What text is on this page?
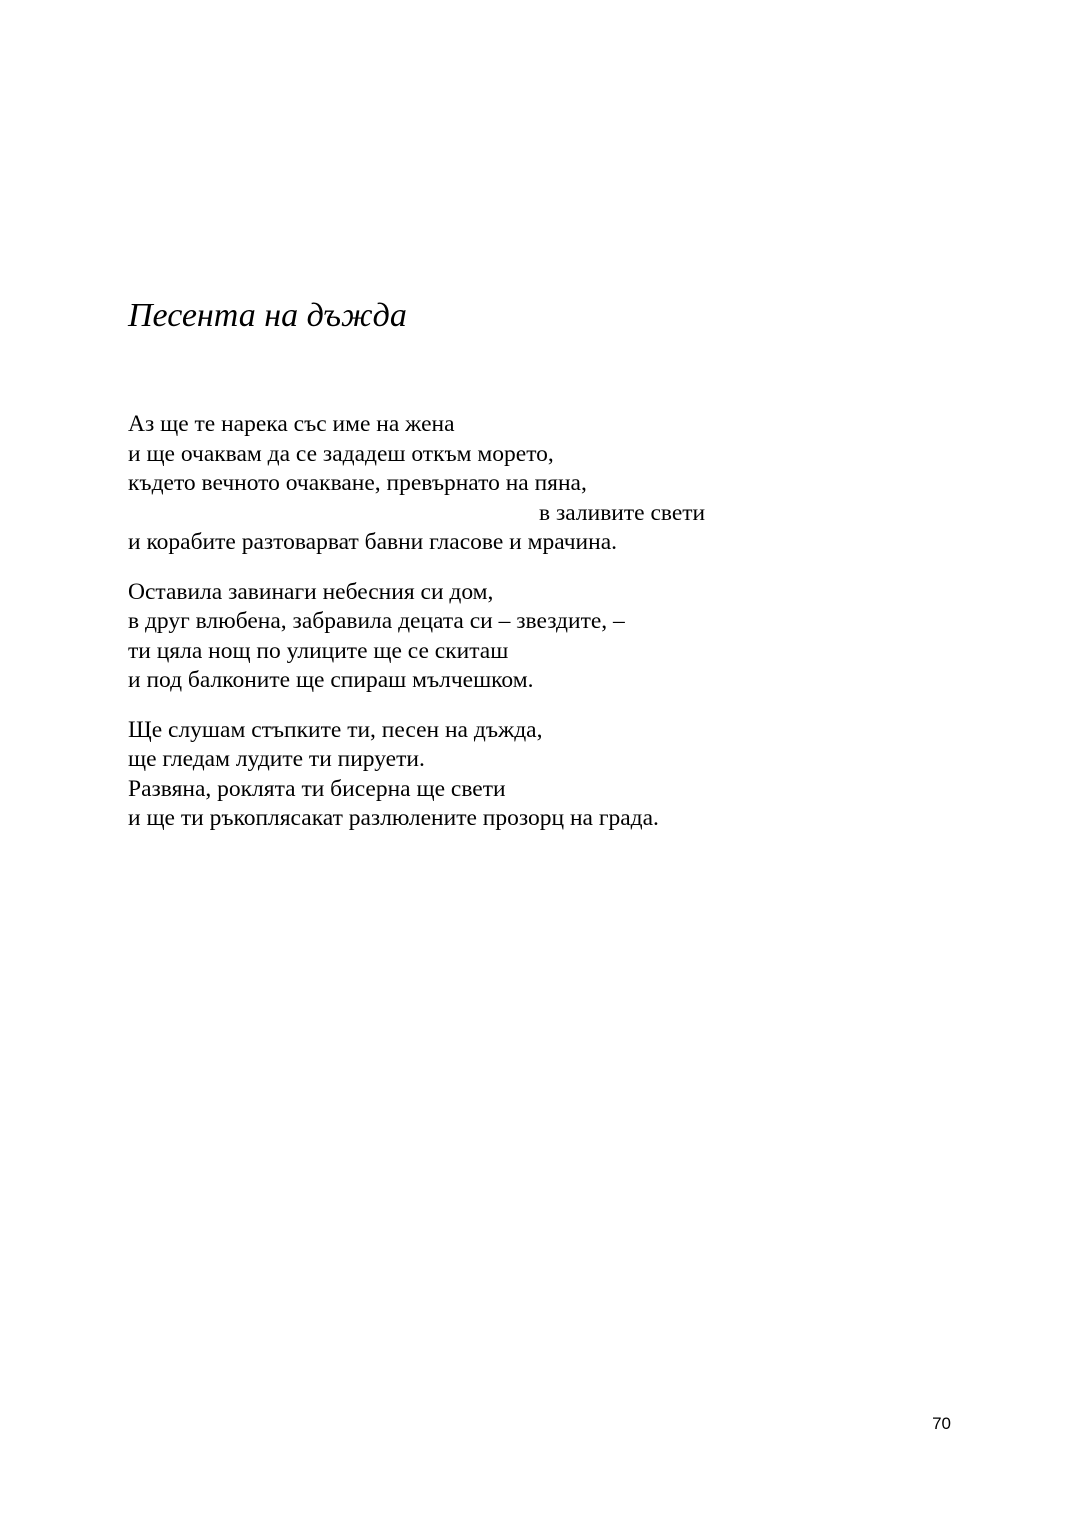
Песента на дъжда

Аз ще те нарека със име на жена
и ще очаквам да се зададеш откъм морето,
където вечното очакване, превърнато на пяна,
в заливите свети
и корабите разтоварват бавни гласове и мрачина.

Оставила завинаги небесния си дом,
в друг влюбена, забравила децата си – звездите, –
ти цяла нощ по улиците ще се скиташ
и под балконите ще спираш мълчешком.

Ще слушам стъпките ти, песен на дъжда,
ще гледам лудите ти пируети.
Развяна, роклята ти бисерна ще свети
и ще ти ръкоплясакат разлюлените прозорц на града.

70
